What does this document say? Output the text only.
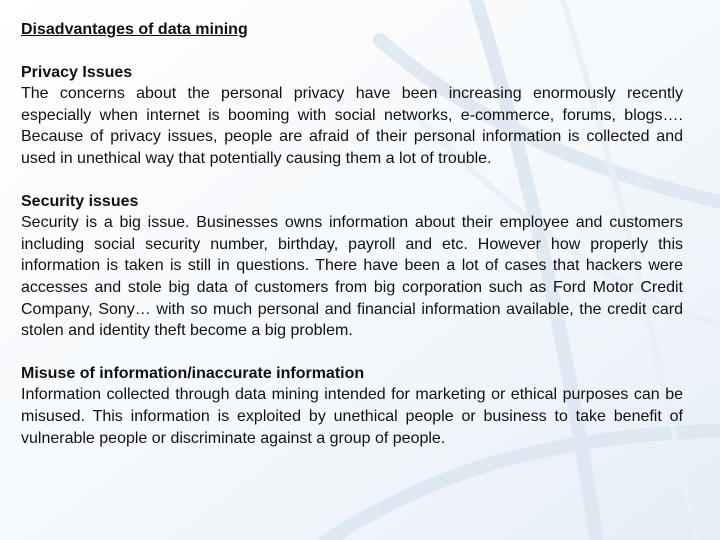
Disadvantages of data mining
Privacy Issues
The concerns about the personal privacy have been increasing enormously recently especially when internet is booming with social networks, e-commerce, forums, blogs…. Because of privacy issues, people are afraid of their personal information is collected and used in unethical way that potentially causing them a lot of trouble.
Security issues
Security is a big issue. Businesses owns information about their employee and customers including social security number, birthday, payroll and etc. However how properly this information is taken is still in questions. There have been a lot of cases that hackers were accesses and stole big data of customers from big corporation such as Ford Motor Credit Company, Sony… with so much personal and financial information available, the credit card stolen and identity theft become a big problem.
Misuse of information/inaccurate information
Information collected through data mining intended for marketing or ethical purposes can be misused. This information is exploited by unethical people or business to take benefit of vulnerable people or discriminate against a group of people.
